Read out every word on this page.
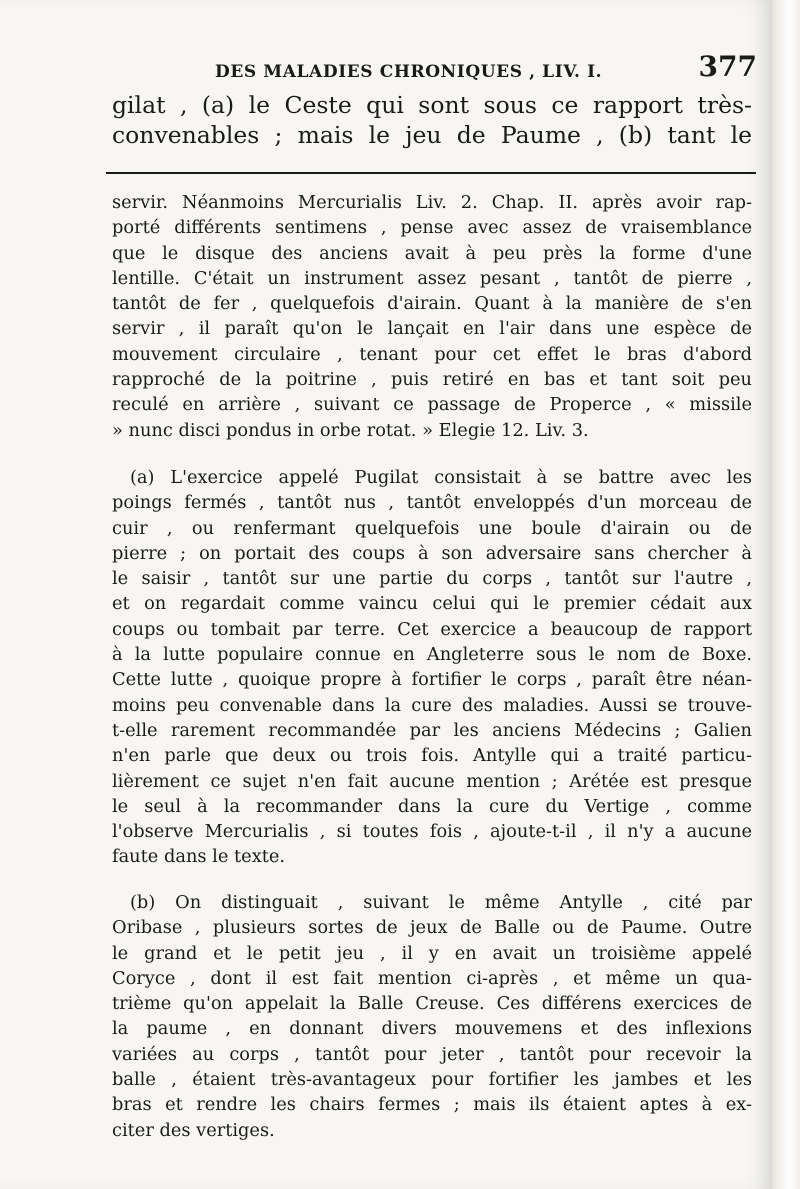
DES MALADIES CHRONIQUES , LIV. I.	377
gilat , (a) le Ceste qui sont sous ce rapport très-
convenables ; mais le jeu de Paume , (b) tant le
servir. Néanmoins Mercurialis Liv. 2. Chap. II. après avoir rap-
porté différents sentimens , pense avec assez de vraisemblance
que le disque des anciens avait à peu près la forme d'une
lentille. C'était un instrument assez pesant , tantôt de pierre ,
tantôt de fer , quelquefois d'airain. Quant à la manière de s'en
servir , il paraît qu'on le lançait en l'air dans une espèce de
mouvement circulaire , tenant pour cet effet le bras d'abord
rapproché de la poitrine , puis retiré en bas et tant soit peu
reculé en arrière , suivant ce passage de Properce , « missile
» nunc disci pondus in orbe rotat. » Elegie 12. Liv. 3.
(a) L'exercice appelé Pugilat consistait à se battre avec les
poings fermés , tantôt nus , tantôt enveloppés d'un morceau de
cuir , ou renfermant quelquefois une boule d'airain ou de
pierre ; on portait des coups à son adversaire sans chercher à
le saisir , tantôt sur une partie du corps , tantôt sur l'autre ,
et on regardait comme vaincu celui qui le premier cédait aux
coups ou tombait par terre. Cet exercice a beaucoup de rapport
à la lutte populaire connue en Angleterre sous le nom de Boxe.
Cette lutte , quoique propre à fortifier le corps , paraît être néan-
moins peu convenable dans la cure des maladies. Aussi se trouve-
t-elle rarement recommandée par les anciens Médecins ; Galien
n'en parle que deux ou trois fois. Antylle qui a traité particu-
lièrement ce sujet n'en fait aucune mention ; Arétée est presque
le seul à la recommander dans la cure du Vertige , comme
l'observe Mercurialis , si toutes fois , ajoute-t-il , il n'y a aucune
faute dans le texte.
(b) On distinguait , suivant le même Antylle , cité par
Oribase , plusieurs sortes de jeux de Balle ou de Paume. Outre
le grand et le petit jeu , il y en avait un troisième appelé
Coryce , dont il est fait mention ci-après , et même un qua-
trième qu'on appelait la Balle Creuse. Ces différens exercices de
la paume , en donnant divers mouvemens et des inflexions
variées au corps , tantôt pour jeter , tantôt pour recevoir la
balle , étaient très-avantageux pour fortifier les jambes et les
bras et rendre les chairs fermes ; mais ils étaient aptes à ex-
citer des vertiges.
